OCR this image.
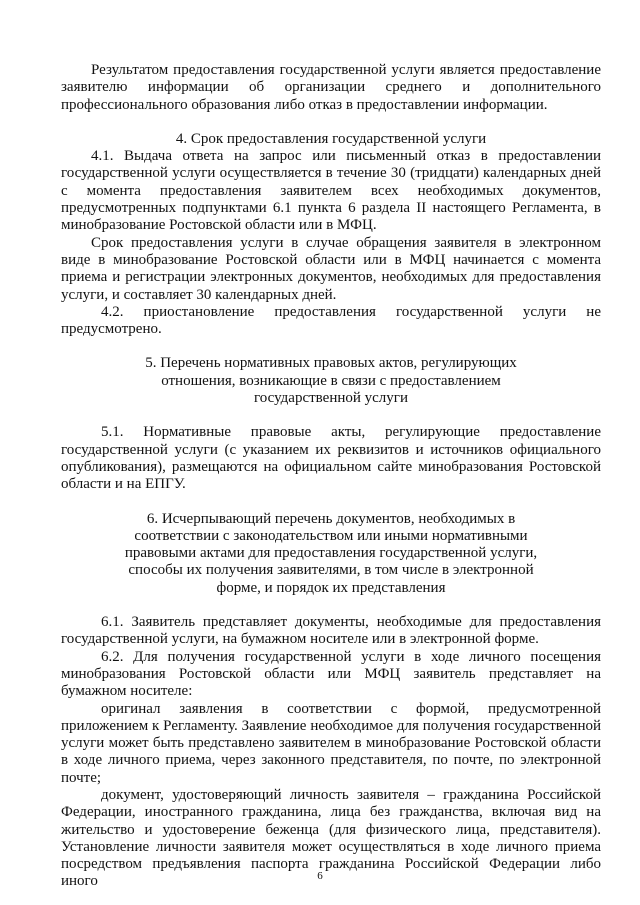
Результатом предоставления государственной услуги является предоставление заявителю информации об организации среднего и дополнительного профессионального образования либо отказ в предоставлении информации.

4. Срок предоставления государственной услуги

4.1. Выдача ответа на запрос или письменный отказ в предоставлении государственной услуги осуществляется в течение 30 (тридцати) календарных дней с момента предоставления заявителем всех необходимых документов, предусмотренных подпунктами 6.1 пункта 6 раздела II настоящего Регламента, в минобразование Ростовской области или в МФЦ.

Срок предоставления услуги в случае обращения заявителя в электронном виде в минобразование Ростовской области или в МФЦ начинается с момента приема и регистрации электронных документов, необходимых для предоставления услуги, и составляет 30 календарных дней.

4.2. приостановление предоставления государственной услуги не предусмотрено.

5. Перечень нормативных правовых актов, регулирующих
отношения, возникающие в связи с предоставлением
государственной услуги

5.1. Нормативные правовые акты, регулирующие предоставление государственной услуги (с указанием их реквизитов и источников официального опубликования), размещаются на официальном сайте минобразования Ростовской области и на ЕПГУ.

6. Исчерпывающий перечень документов, необходимых в
соответствии с законодательством или иными нормативными
правовыми актами для предоставления государственной услуги,
способы их получения заявителями, в том числе в электронной
форме, и порядок их представления

6.1. Заявитель представляет документы, необходимые для предоставления государственной услуги, на бумажном носителе или в электронной форме.

6.2. Для получения государственной услуги в ходе личного посещения минобразования Ростовской области или МФЦ заявитель представляет на бумажном носителе:

оригинал заявления в соответствии с формой, предусмотренной приложением к Регламенту. Заявление необходимое для получения государственной услуги может быть представлено заявителем в минобразование Ростовской области в ходе личного приема, через законного представителя, по почте, по электронной почте;

документ, удостоверяющий личность заявителя – гражданина Российской Федерации, иностранного гражданина, лица без гражданства, включая вид на жительство и удостоверение беженца (для физического лица, представителя). Установление личности заявителя может осуществляться в ходе личного приема посредством предъявления паспорта гражданина Российской Федерации либо иного	6
